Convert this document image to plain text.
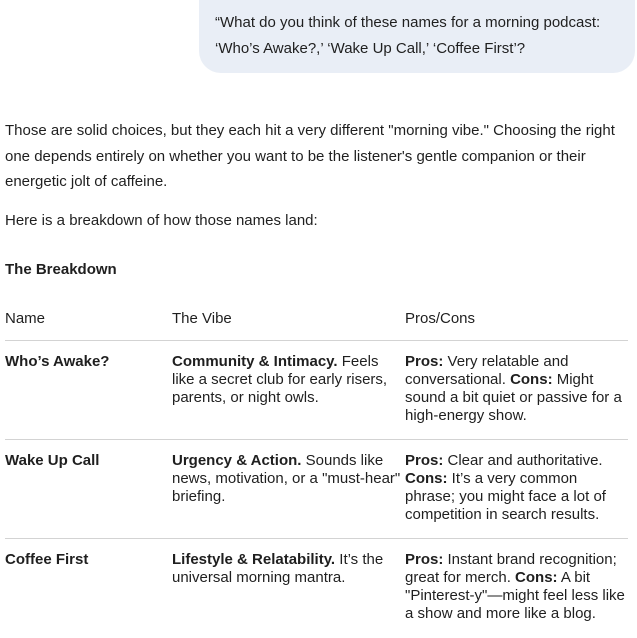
“What do you think of these names for a morning podcast:
‘Who’s Awake?,’ ‘Wake Up Call,’ ‘Coffee First’?
Those are solid choices, but they each hit a very different "morning vibe." Choosing the right
one depends entirely on whether you want to be the listener's gentle companion or their
energetic jolt of caffeine.
Here is a breakdown of how those names land:
The Breakdown
Name	The Vibe	Pros/Cons
Who’s Awake?	Community & Intimacy. Feels like a secret club for early risers, parents, or night owls.	Pros: Very relatable and conversational. Cons: Might sound a bit quiet or passive for a high-energy show.
Wake Up Call	Urgency & Action. Sounds like news, motivation, or a "must-hear" briefing.	Pros: Clear and authoritative. Cons: It’s a very common phrase; you might face a lot of competition in search results.
Coffee First	Lifestyle & Relatability. It’s the universal morning mantra.	Pros: Instant brand recognition; great for merch. Cons: A bit "Pinterest-y"—might feel less like a show and more like a blog.
